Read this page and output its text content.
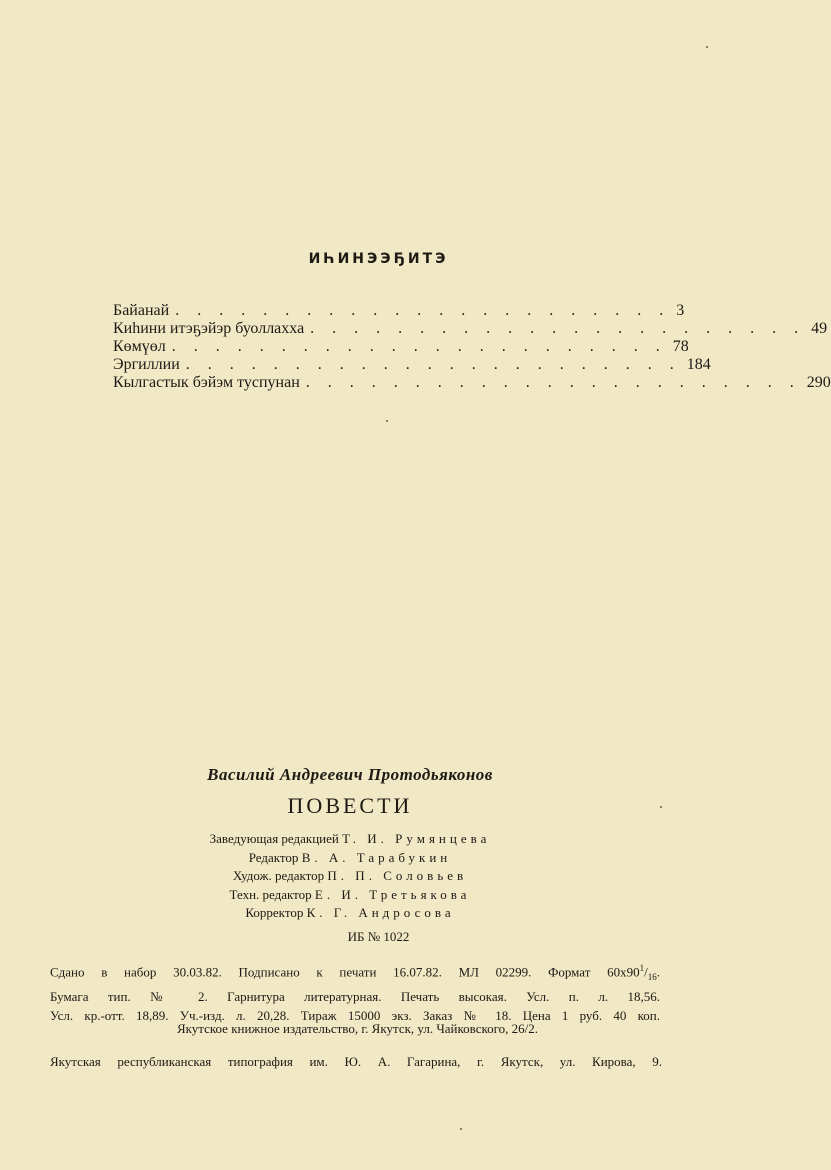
ИҺИНЭЭҔИТЭ
Байанай . . . . . . . . . . . . . . . . . . . . . . . 3
Киһини итэҕэйэр буоллахха . . . . . . . . . . . . . . . . . . . . . . . 49
Көмүөл . . . . . . . . . . . . . . . . . . . . . . . 78
Эргиллии . . . . . . . . . . . . . . . . . . . . . . . 184
Кылгастык бэйэм туспунан . . . . . . . . . . . . . . . . . . . . . . . 290
Василий Андреевич Протодьяконов
ПОВЕСТИ
Заведующая редакцией Т. И. Румянцева
Редактор В. А. Тарабукин
Худож. редактор П. П. Соловьев
Техн. редактор Е. И. Третьякова
Корректор К. Г. Андросова
ИБ № 1022
Сдано в набор 30.03.82. Подписано к печати 16.07.82. МЛ 02299. Формат $60x90^1/_{16}$.
Бумага тип. № 2. Гарнитура литературная. Печать высокая. Усл. п. л. 18,56.
Усл. кр.-отт. 18,89. Уч.-изд. л. 20,28. Тираж 15000 экз. Заказ № 18. Цена 1 руб. 40 коп.
Якутское книжное издательство, г. Якутск, ул. Чайковского, 26/2.
Якутская республиканская типография им. Ю. А. Гагарина, г. Якутск, ул. Кирова, 9.
